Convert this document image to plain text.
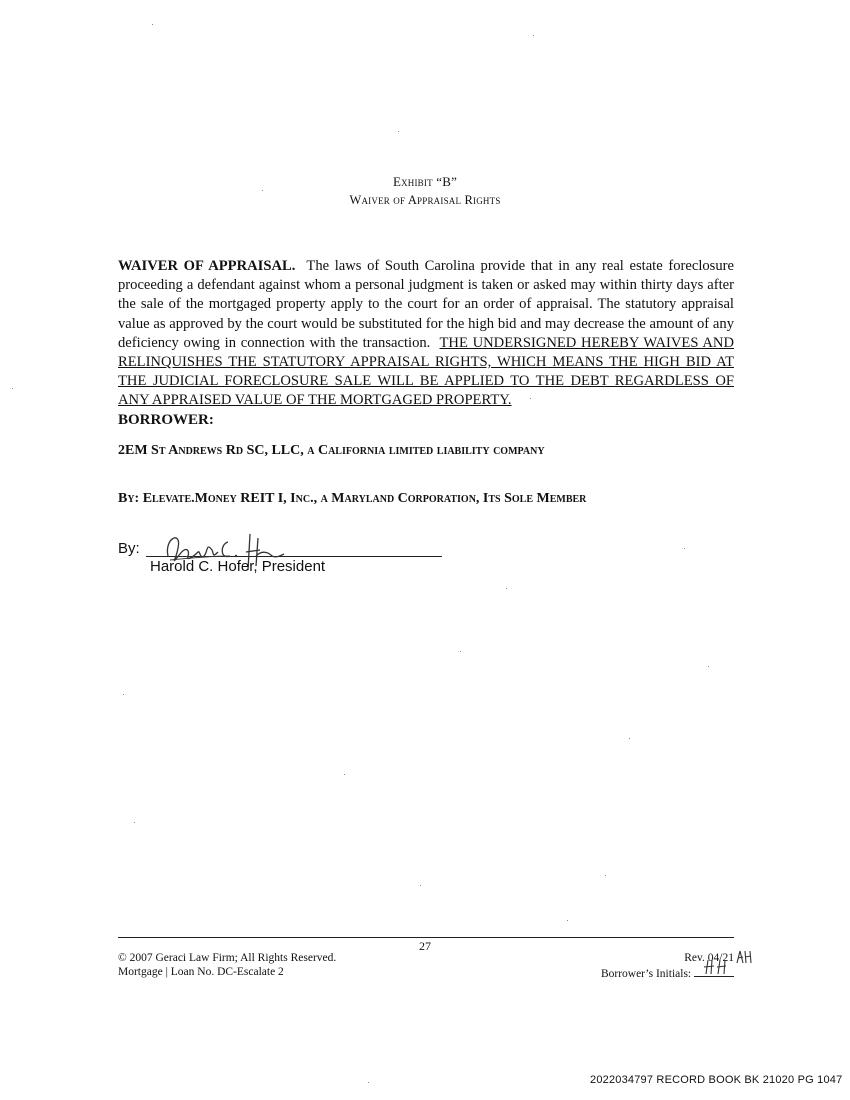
Exhibit “B”
Waiver of Appraisal Rights
WAIVER OF APPRAISAL. The laws of South Carolina provide that in any real estate foreclosure proceeding a defendant against whom a personal judgment is taken or asked may within thirty days after the sale of the mortgaged property apply to the court for an order of appraisal. The statutory appraisal value as approved by the court would be substituted for the high bid and may decrease the amount of any deficiency owing in connection with the transaction. THE UNDERSIGNED HEREBY WAIVES AND RELINQUISHES THE STATUTORY APPRAISAL RIGHTS, WHICH MEANS THE HIGH BID AT THE JUDICIAL FORECLOSURE SALE WILL BE APPLIED TO THE DEBT REGARDLESS OF ANY APPRAISED VALUE OF THE MORTGAGED PROPERTY.
BORROWER:
2EM St Andrews Rd SC, LLC, a California limited liability company
By: Elevate.Money REIT I, Inc., a Maryland Corporation, Its Sole Member
By:
Harold C. Hofer, President
27
© 2007 Geraci Law Firm; All Rights Reserved.
Mortgage | Loan No. DC-Escalate 2
Rev. 04/21
Borrower’s Initials:
2022034797 RECORD BOOK BK 21020 PG 1047
